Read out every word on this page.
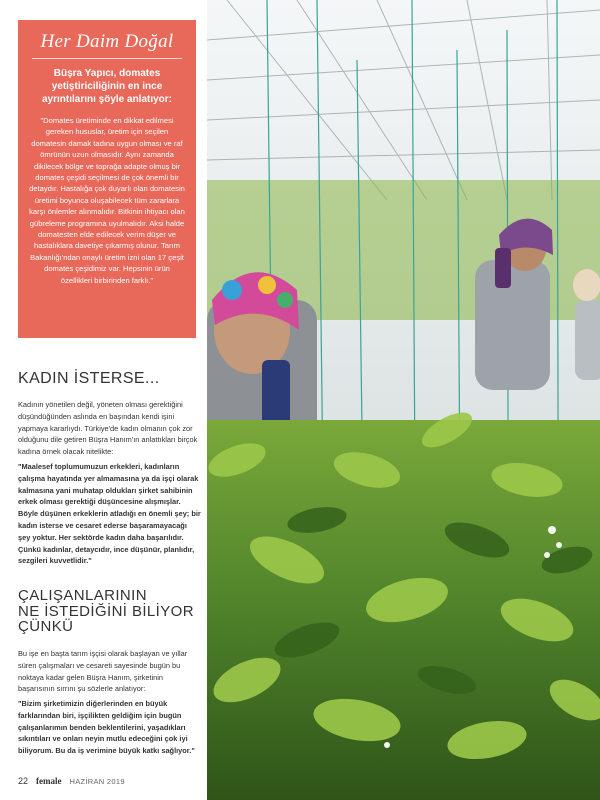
Her Daim Doğal
Büşra Yapıcı, domates yetiştiriciliğinin en ince ayrıntılarını şöyle anlatıyor:
"Domates üretiminde en dikkat edilmesi gereken hususlar, üretim için seçilen domatesin damak tadına uygun olması ve raf ömrünün uzun olmasıdır. Aynı zamanda dikilecek bölge ve toprağa adapte olmuş bir domates çeşidi seçilmesi de çok önemli bir detaydır. Hastalığa çok duyarlı olan domatesin üretimi boyunca oluşabilecek tüm zararlara karşı önlemler alınmalıdır. Bitkinin ihtiyacı olan gübreleme programına uyulmalıdır. Aksi halde domatesten elde edilecek verim düşer ve hastalıklara davetiye çıkarmış olunur. Tarım Bakanlığı'ndan onaylı üretim izni olan 17 çeşit domates çeşidimiz var. Hepsinin ürün özellikleri birbirinden farklı."
KADIN İSTERSE...

Kadının yönetilen değil, yöneten olması gerektiğini düşündüğünden aslında en başından kendi işini yapmaya kararlıydı. Türkiye'de kadın olmanın çok zor olduğunu dile getiren Büşra Hanım'ın anlattıkları birçok kadına örnek olacak nitelikte:

"Maalesef toplumumuzun erkekleri, kadınların çalışma hayatında yer almamasına ya da işçi olarak kalmasına yani muhatap oldukları şirket sahibinin erkek olması gerektiği düşüncesine alışmışlar. Böyle düşünen erkeklerin atladığı en önemli şey; bir kadın isterse ve cesaret ederse başaramayacağı şey yoktur. Her sektörde kadın daha başarılıdır. Çünkü kadınlar, detaycıdır, ince düşünür, planlıdır, sezgileri kuvvetlidir."

ÇALIŞANLARININ
NE İSTEDİĞİNİ BİLİYOR
ÇÜNKÜ

Bu işe en başta tarım işçisi olarak başlayan ve yıllar süren çalışmaları ve cesareti sayesinde bugün bu noktaya kadar gelen Büşra Hanım, şirketinin başarısının sırrını şu sözlerle anlatıyor:

"Bizim şirketimizin diğerlerinden en büyük farklarından biri, işçilikten geldiğim için bugün çalışanlarımın benden beklentilerini, yaşadıkları sıkıntıları ve onları neyin mutlu edeceğini çok iyi biliyorum. Bu da iş verimine büyük katkı sağlıyor."

22 female HAZİRAN 2019
